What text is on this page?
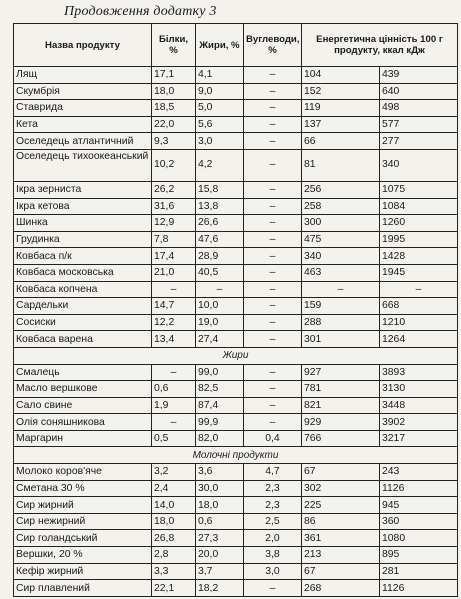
Продовження додатку 3
Назва продукту	Білки, %	Жири, %	Вуглеводи, %	Енергетична цінність 100 г продукту, ккал кДж	
Лящ	17,1	4,1	–	104	439
Скумбрія	18,0	9,0	–	152	640
Ставрида	18,5	5,0	–	119	498
Кета	22,0	5,6	–	137	577
Оселедець атлантичний	9,3	3,0	–	66	277
Оселедець тихоокеанський	10,2	4,2	–	81	340
Ікра зерниста	26,2	15,8	–	256	1075
Ікра кетова	31,6	13,8	–	258	1084
Шинка	12,9	26,6	–	300	1260
Грудинка	7,8	47,6	–	475	1995
Ковбаса п/к	17,4	28,9	–	340	1428
Ковбаса московська	21,0	40,5	–	463	1945
Ковбаса копчена	–	–	–	–	–
Сардельки	14,7	10,0	–	159	668
Сосиски	12,2	19,0	–	288	1210
Ковбаса варена	13,4	27,4	–	301	1264
Жири					
Смалець	–	99,0	–	927	3893
Масло вершкове	0,6	82,5	–	781	3130
Сало свине	1,9	87,4	–	821	3448
Олія соняшникова	–	99,9	–	929	3902
Маргарин	0,5	82,0	0,4	766	3217
Молочні продукти					
Молоко коров'яче	3,2	3,6	4,7	67	243
Сметана 30 %	2,4	30,0	2,3	302	1126
Сир жирний	14,0	18,0	2,3	225	945
Сир нежирний	18,0	0,6	2,5	86	360
Сир голандський	26,8	27,3	2,0	361	1080
Вершки, 20 %	2,8	20,0	3,8	213	895
Кефір жирний	3,3	3,7	3,0	67	281
Сир плавлений	22,1	18,2	–	268	1126
